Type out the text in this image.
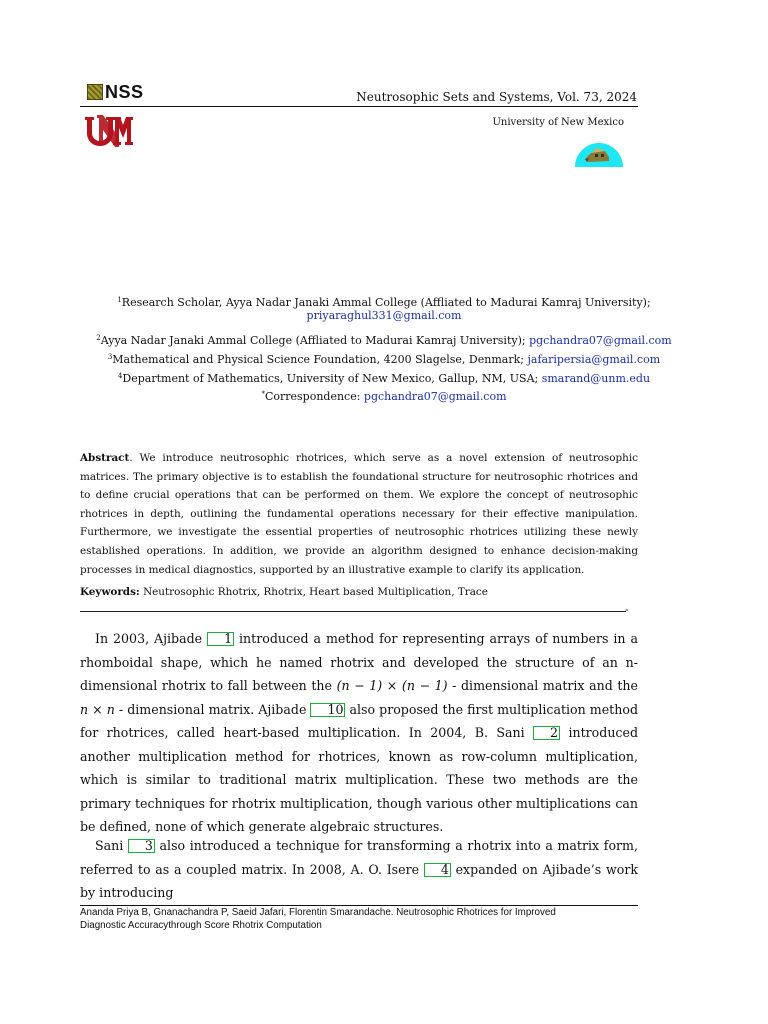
NSS	Neutrosophic Sets and Systems, Vol. 73, 2024
University of New Mexico
$^1$Research Scholar, Ayya Nadar Janaki Ammal College (Affliated to Madurai Kamraj University);
priyaraghul331@gmail.com
$^2$Ayya Nadar Janaki Ammal College (Affliated to Madurai Kamraj University); pgchandra07@gmail.com
$^3$Mathematical and Physical Science Foundation, 4200 Slagelse, Denmark; jafaripersia@gmail.com
$^4$Department of Mathematics, University of New Mexico, Gallup, NM, USA; smarand@unm.edu
*Correspondence: pgchandra07@gmail.com
Abstract. We introduce neutrosophic rhotrices, which serve as a novel extension of neutrosophic matrices. The primary objective is to establish the foundational structure for neutrosophic rhotrices and to define crucial operations that can be performed on them. We explore the concept of neutrosophic rhotrices in depth, outlining the fundamental operations necessary for their effective manipulation. Furthermore, we investigate the essential properties of neutrosophic rhotrices utilizing these newly established operations. In addition, we provide an algorithm designed to enhance decision-making processes in medical diagnostics, supported by an illustrative example to clarify its application.
Keywords: Neutrosophic Rhotrix, Rhotrix, Heart based Multiplication, Trace
-
In 2003, Ajibade 1 introduced a method for representing arrays of numbers in a rhomboidal shape, which he named rhotrix and developed the structure of an n-dimensional rhotrix to fall between the (n − 1) × (n − 1) - dimensional matrix and the n × n - dimensional matrix. Ajibade 10 also proposed the first multiplication method for rhotrices, called heart-based multiplication. In 2004, B. Sani 2 introduced another multiplication method for rhotrices, known as row-column multiplication, which is similar to traditional matrix multiplication. These two methods are the primary techniques for rhotrix multiplication, though various other multiplications can be defined, none of which generate algebraic structures.
Sani 3 also introduced a technique for transforming a rhotrix into a matrix form, referred to as a coupled matrix. In 2008, A. O. Isere 4 expanded on Ajibade’s work by introducing
Ananda Priya B, Gnanachandra P, Saeid Jafari, Florentin Smarandache. Neutrosophic Rhotrices for Improved
Diagnostic Accuracythrough Score Rhotrix Computation
